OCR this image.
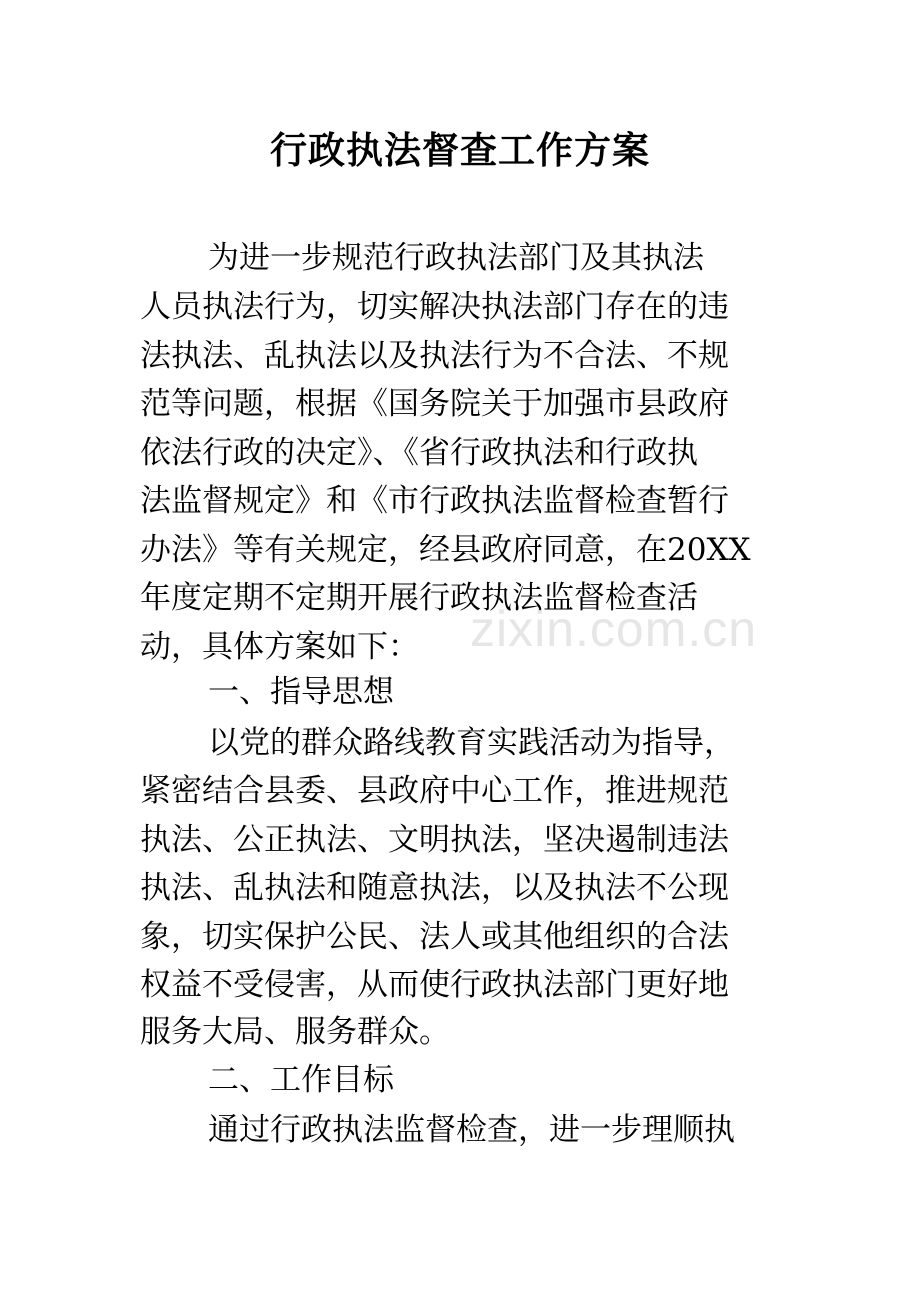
行政执法督查工作方案
zixin.com.cn

为进一步规范行政执法部门及其执法

人员执法行为，切实解决执法部门存在的违

法执法、乱执法以及执法行为不合法、不规

范等问题，根据《国务院关于加强市县政府

依法行政的决定》、《省行政执法和行政执

法监督规定》和《市行政执法监督检查暂行

办法》等有关规定，经县政府同意，在20XX

年度定期不定期开展行政执法监督检查活

动，具体方案如下：

一、指导思想

以党的群众路线教育实践活动为指导，

紧密结合县委、县政府中心工作，推进规范

执法、公正执法、文明执法，坚决遏制违法

执法、乱执法和随意执法，以及执法不公现

象，切实保护公民、法人或其他组织的合法

权益不受侵害，从而使行政执法部门更好地

服务大局、服务群众。

二、工作目标

通过行政执法监督检查，进一步理顺执
